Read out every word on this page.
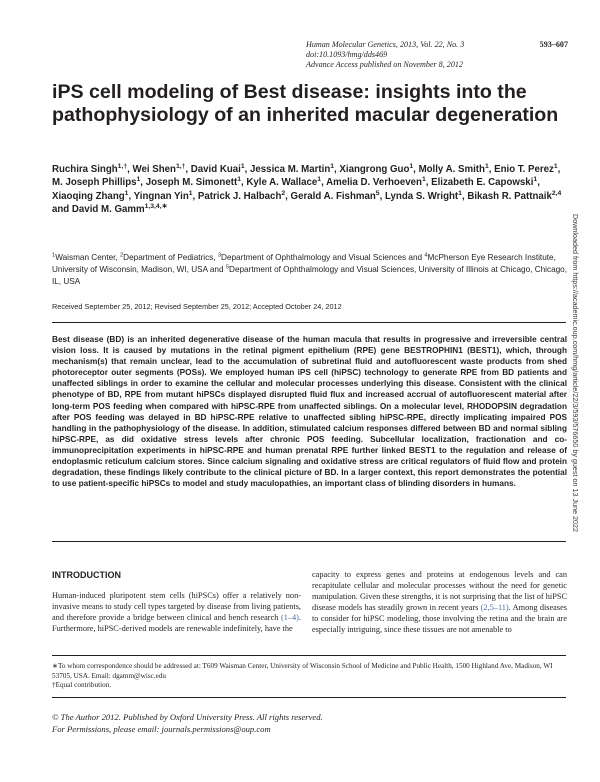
Human Molecular Genetics, 2013, Vol. 22, No. 3	593–607
doi:10.1093/hmg/dds469
Advance Access published on November 8, 2012
iPS cell modeling of Best disease: insights into the pathophysiology of an inherited macular degeneration
Ruchira Singh$^{1,\dagger}$, Wei Shen$^{1,\dagger}$, David Kuai$^1$, Jessica M. Martin$^1$, Xiangrong Guo$^1$, Molly A. Smith$^1$, Enio T. Perez$^1$, M. Joseph Phillips$^1$, Joseph M. Simonett$^1$, Kyle A. Wallace$^1$, Amelia D. Verhoeven$^1$, Elizabeth E. Capowski$^1$, Xiaoqing Zhang$^1$, Yingnan Yin$^1$, Patrick J. Halbach$^2$, Gerald A. Fishman$^5$, Lynda S. Wright$^1$, Bikash R. Pattnaik$^{2,4}$ and David M. Gamm$^{1,3,4,∗}$
$^1$Waisman Center, $^2$Department of Pediatrics, $^3$Department of Ophthalmology and Visual Sciences and $^4$McPherson Eye Research Institute, University of Wisconsin, Madison, WI, USA and $^5$Department of Ophthalmology and Visual Sciences, University of Illinois at Chicago, Chicago, IL, USA
Received September 25, 2012; Revised September 25, 2012; Accepted October 24, 2012
Best disease (BD) is an inherited degenerative disease of the human macula that results in progressive and irreversible central vision loss. It is caused by mutations in the retinal pigment epithelium (RPE) gene BESTROPHIN1 (BEST1), which, through mechanism(s) that remain unclear, lead to the accumulation of subretinal fluid and autofluorescent waste products from shed photoreceptor outer segments (POSs). We employed human iPS cell (hiPSC) technology to generate RPE from BD patients and unaffected siblings in order to examine the cellular and molecular processes underlying this disease. Consistent with the clinical phenotype of BD, RPE from mutant hiPSCs displayed disrupted fluid flux and increased accrual of autofluorescent material after long-term POS feeding when compared with hiPSC-RPE from unaffected siblings. On a molecular level, RHODOPSIN degradation after POS feeding was delayed in BD hiPSC-RPE relative to unaffected sibling hiPSC-RPE, directly implicating impaired POS handling in the pathophysiology of the disease. In addition, stimulated calcium responses differed between BD and normal sibling hiPSC-RPE, as did oxidative stress levels after chronic POS feeding. Subcellular localization, fractionation and co-immunoprecipitation experiments in hiPSC-RPE and human prenatal RPE further linked BEST1 to the regulation and release of endoplasmic reticulum calcium stores. Since calcium signaling and oxidative stress are critical regulators of fluid flow and protein degradation, these findings likely contribute to the clinical picture of BD. In a larger context, this report demonstrates the potential to use patient-specific hiPSCs to model and study maculopathies, an important class of blinding disorders in humans.
INTRODUCTION
Human-induced pluripotent stem cells (hiPSCs) offer a relatively non-invasive means to study cell types targeted by disease from living patients, and therefore provide a bridge between clinical and bench research (1–4). Furthermore, hiPSC-derived models are renewable indefinitely, have the
capacity to express genes and proteins at endogenous levels and can recapitulate cellular and molecular processes without the need for genetic manipulation. Given these strengths, it is not surprising that the list of hiPSC disease models has steadily grown in recent years (2,5–11). Among diseases to consider for hiPSC modeling, those involving the retina and the brain are especially intriguing, since these tissues are not amenable to
∗To whom correspondence should be addressed at: T609 Waisman Center, University of Wisconsin School of Medicine and Public Health, 1500 Highland Ave, Madison, WI 53705, USA. Email: dgamm@wisc.edu
†Equal contribution.
© The Author 2012. Published by Oxford University Press. All rights reserved.
For Permissions, please email: journals.permissions@oup.com
Downloaded from https://academic.oup.com/hmg/article/22/3/593/576650 by guest on 13 June 2022
